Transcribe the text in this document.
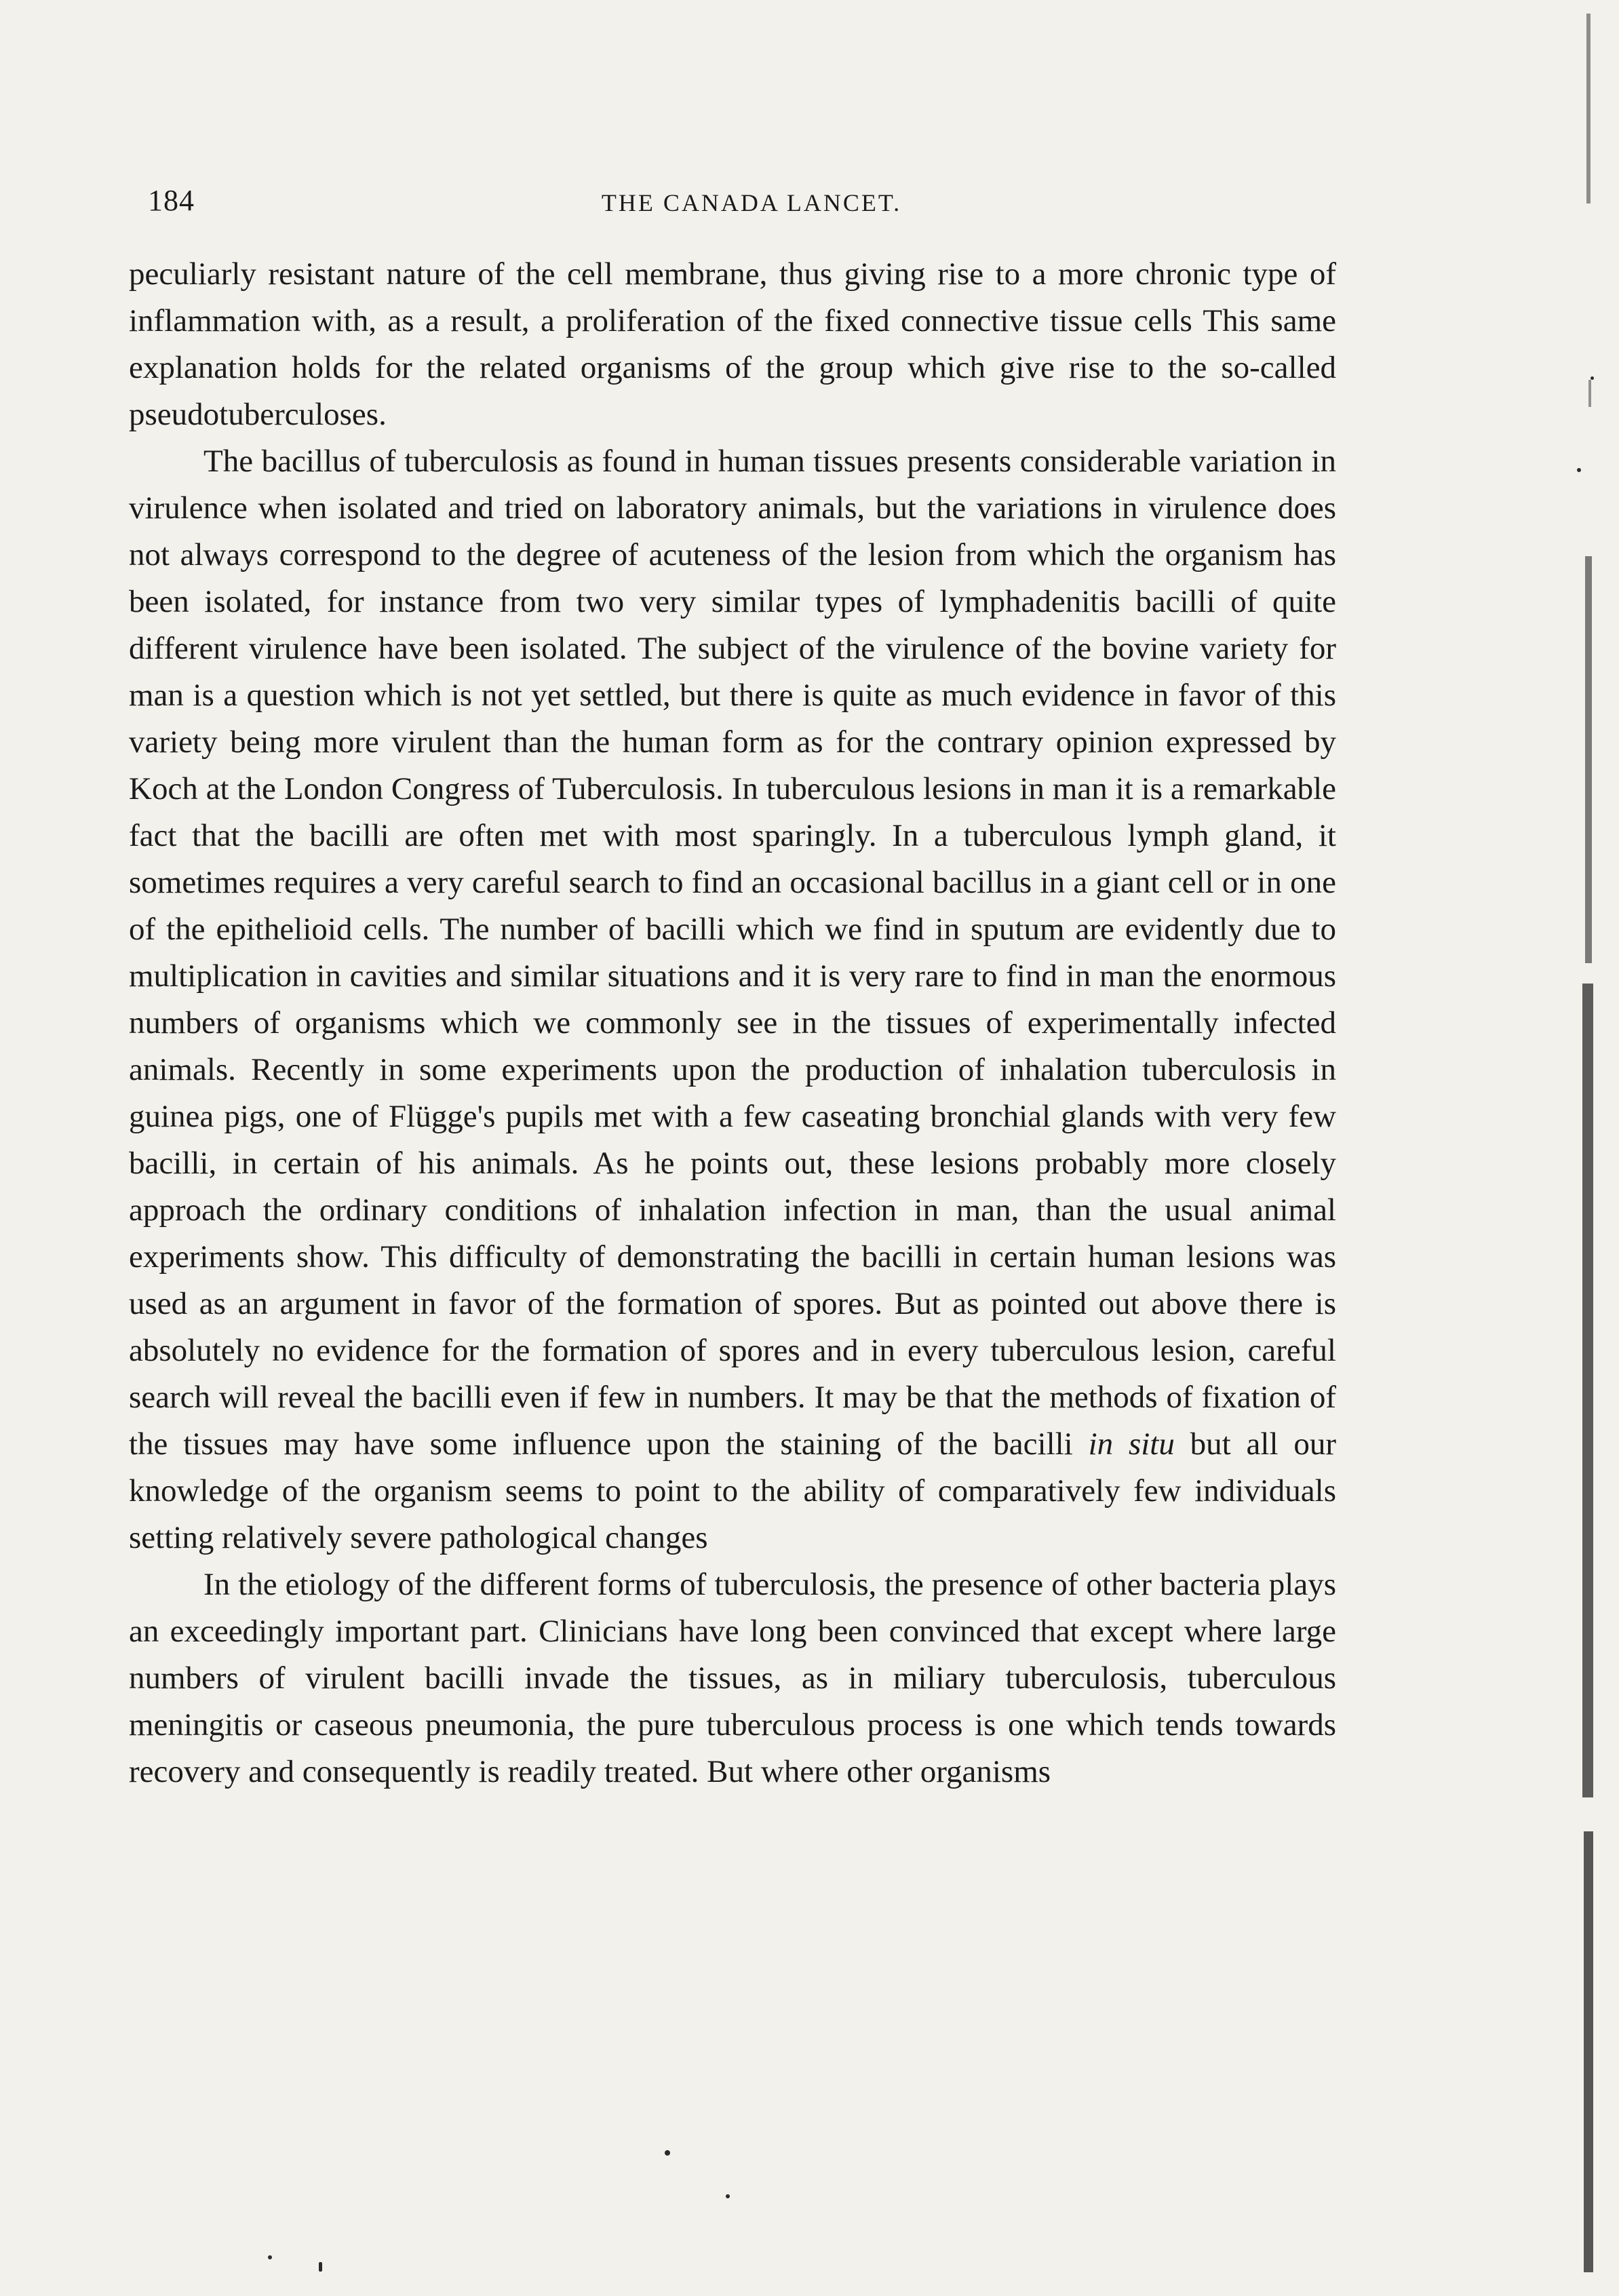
184	THE CANADA LANCET.

peculiarly resistant nature of the cell membrane, thus giving rise to a more chronic type of inflammation with, as a result, a proliferation of the fixed connective tissue cells This same explanation holds for the related organisms of the group which give rise to the so-called pseudotuberculoses.

The bacillus of tuberculosis as found in human tissues presents considerable variation in virulence when isolated and tried on laboratory animals, but the variations in virulence does not always correspond to the degree of acuteness of the lesion from which the organism has been isolated, for instance from two very similar types of lymphadenitis bacilli of quite different virulence have been isolated. The subject of the virulence of the bovine variety for man is a question which is not yet settled, but there is quite as much evidence in favor of this variety being more virulent than the human form as for the contrary opinion expressed by Koch at the London Congress of Tuberculosis. In tuberculous lesions in man it is a remarkable fact that the bacilli are often met with most sparingly. In a tuberculous lymph gland, it sometimes requires a very careful search to find an occasional bacillus in a giant cell or in one of the epithelioid cells. The number of bacilli which we find in sputum are evidently due to multiplication in cavities and similar situations and it is very rare to find in man the enormous numbers of organisms which we commonly see in the tissues of experimentally infected animals. Recently in some experiments upon the production of inhalation tuberculosis in guinea pigs, one of Flügge's pupils met with a few caseating bronchial glands with very few bacilli, in certain of his animals. As he points out, these lesions probably more closely approach the ordinary conditions of inhalation infection in man, than the usual animal experiments show. This difficulty of demonstrating the bacilli in certain human lesions was used as an argument in favor of the formation of spores. But as pointed out above there is absolutely no evidence for the formation of spores and in every tuberculous lesion, careful search will reveal the bacilli even if few in numbers. It may be that the methods of fixation of the tissues may have some influence upon the staining of the bacilli in situ but all our knowledge of the organism seems to point to the ability of comparatively few individuals setting relatively severe pathological changes

In the etiology of the different forms of tuberculosis, the presence of other bacteria plays an exceedingly important part. Clinicians have long been convinced that except where large numbers of virulent bacilli invade the tissues, as in miliary tuberculosis, tuberculous meningitis or caseous pneumonia, the pure tuberculous process is one which tends towards recovery and consequently is readily treated. But where other organisms
